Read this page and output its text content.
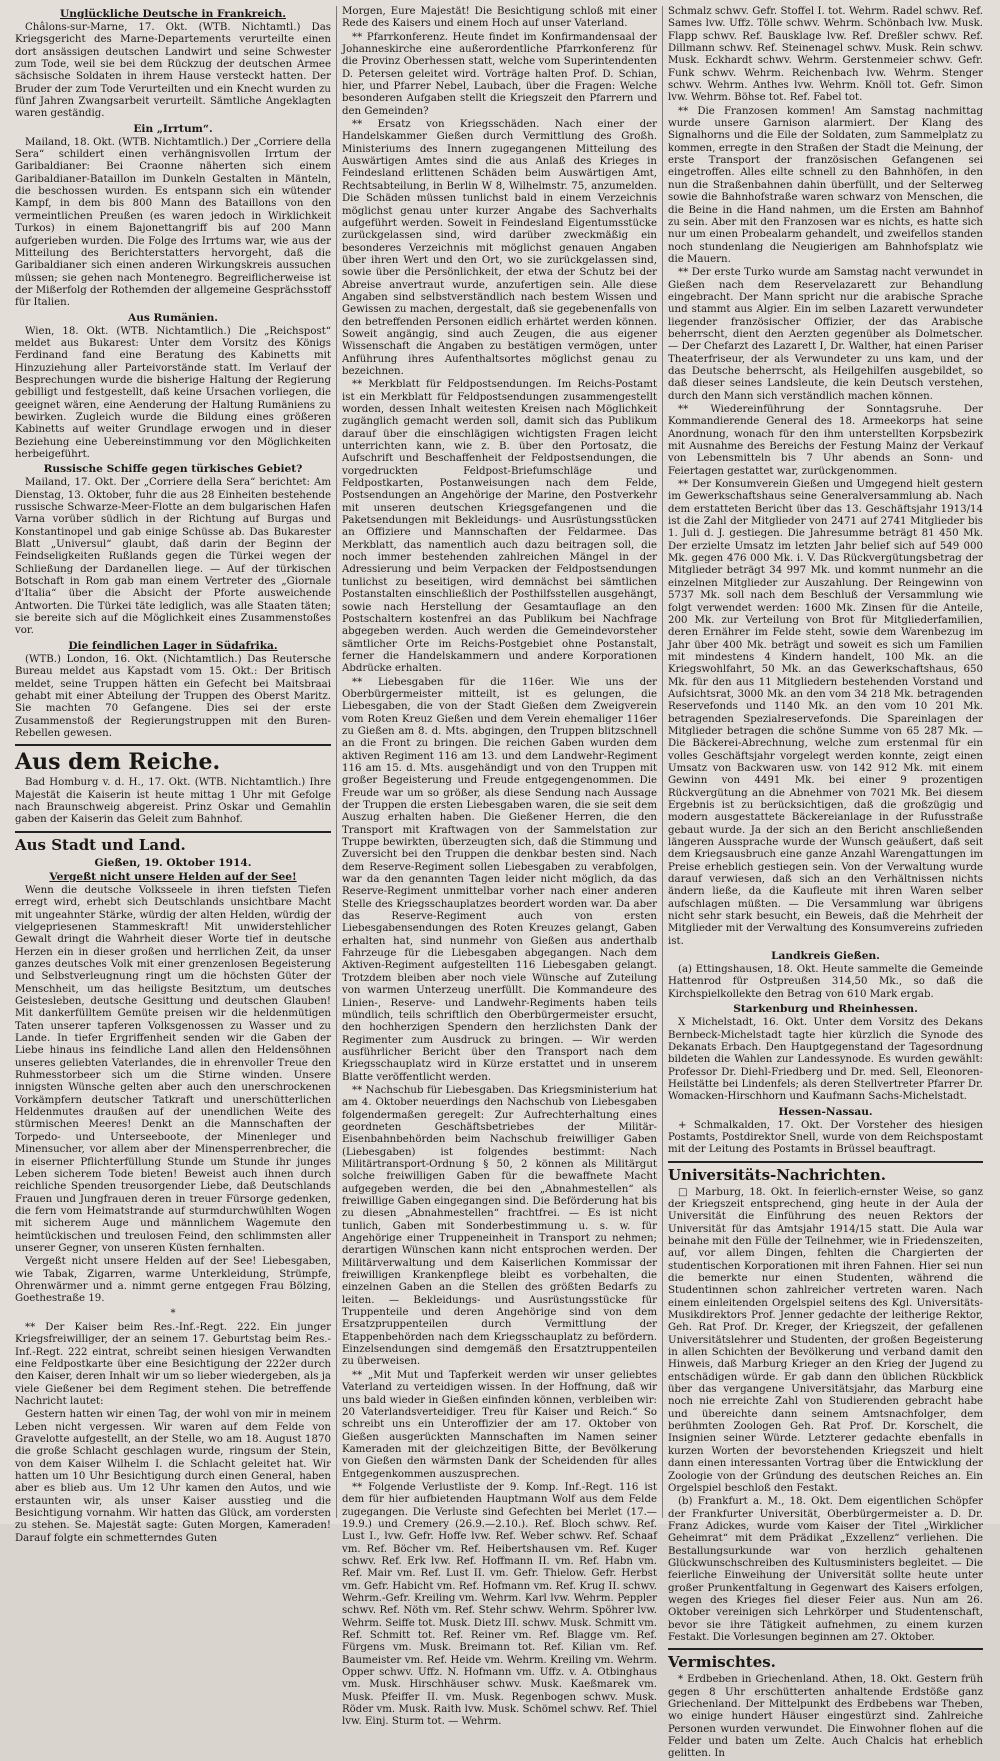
Unglückliche Deutsche in Frankreich.

Châlons-sur-Marne, 17. Okt. (WTB. Nichtamtl.) Das Kriegsgericht des Marne-Departements verurteilte einen dort ansässigen deutschen Landwirt und seine Schwester zum Tode, weil sie bei dem Rückzug der deutschen Armee sächsische Soldaten in ihrem Hause versteckt hatten. Der Bruder der zum Tode Verurteilten und ein Knecht wurden zu fünf Jahren Zwangsarbeit verurteilt. Sämtliche Angeklagten waren geständig.

Ein „Irrtum“.

Mailand, 18. Okt. (WTB. Nichtamtlich.) Der „Corriere della Sera“ schildert einen verhängnisvollen Irrtum der Garibaldianer: Bei Craonne näherten sich einem Garibaldianer-Bataillon im Dunkeln Gestalten in Mänteln, die beschossen wurden. Es entspann sich ein wütender Kampf, in dem bis 800 Mann des Bataillons von den vermeintlichen Preußen (es waren jedoch in Wirklichkeit Turkos) in einem Bajonettangriff bis auf 200 Mann aufgerieben wurden. Die Folge des Irrtums war, wie aus der Mitteilung des Berichterstatters hervorgeht, daß die Garibaldianer sich einen anderen Wirkungskreis aussuchen müssen; sie gehen nach Montenegro. Begreiflicherweise ist der Mißerfolg der Rothemden der allgemeine Gesprächsstoff für Italien.

Aus Rumänien.

Wien, 18. Okt. (WTB. Nichtamtlich.) Die „Reichspost“ meldet aus Bukarest: Unter dem Vorsitz des Königs Ferdinand fand eine Beratung des Kabinetts mit Hinzuziehung aller Parteivorstände statt. Im Verlauf der Besprechungen wurde die bisherige Haltung der Regierung gebilligt und festgestellt, daß keine Ursachen vorliegen, die geeignet wären, eine Aenderung der Haltung Rumäniens zu bewirken. Zugleich wurde die Bildung eines größeren Kabinetts auf weiter Grundlage erwogen und in dieser Beziehung eine Uebereinstimmung vor den Möglichkeiten herbeigeführt.

Russische Schiffe gegen türkisches Gebiet?

Mailand, 17. Okt. Der „Corriere della Sera“ berichtet: Am Dienstag, 13. Oktober, fuhr die aus 28 Einheiten bestehende russische Schwarze-Meer-Flotte an dem bulgarischen Hafen Varna vorüber südlich in der Richtung auf Burgas und Konstantinopel und gab einige Schüsse ab. Das Bukarester Blatt „Universul“ glaubt, daß darin der Beginn der Feindseligkeiten Rußlands gegen die Türkei wegen der Schließung der Dardanellen liege. — Auf der türkischen Botschaft in Rom gab man einem Vertreter des „Giornale d'Italia“ über die Absicht der Pforte ausweichende Antworten. Die Türkei täte lediglich, was alle Staaten täten; sie bereite sich auf die Möglichkeit eines Zusammenstoßes vor.

Die feindlichen Lager in Südafrika.

(WTB.) London, 16. Okt. (Nichtamtlich.) Das Reutersche Bureau meldet aus Kapstadt vom 15. Okt.: Der Britisch meldet, seine Truppen hätten ein Gefecht bei Maitsbraai gehabt mit einer Abteilung der Truppen des Oberst Maritz. Sie machten 70 Gefangene. Dies sei der erste Zusammenstoß der Regierungstruppen mit den Buren-Rebellen gewesen.

Aus dem Reiche.

Bad Homburg v. d. H., 17. Okt. (WTB. Nichtamtlich.) Ihre Majestät die Kaiserin ist heute mittag 1 Uhr mit Gefolge nach Braunschweig abgereist. Prinz Oskar und Gemahlin gaben der Kaiserin das Geleit zum Bahnhof.

Aus Stadt und Land.
Gießen, 19. Oktober 1914.
Vergeßt nicht unsere Helden auf der See!

Wenn die deutsche Volksseele in ihren tiefsten Tiefen erregt wird, erhebt sich Deutschlands unsichtbare Macht mit ungeahnter Stärke, würdig der alten Helden, würdig der vielgepriesenen Stammeskraft! Mit unwiderstehlicher Gewalt dringt die Wahrheit dieser Worte tief in deutsche Herzen ein in dieser großen und herrlichen Zeit, da unser ganzes deutsches Volk mit einer grenzenlosen Begeisterung und Selbstverleugnung ringt um die höchsten Güter der Menschheit, um das heiligste Besitztum, um deutsches Geistesleben, deutsche Gesittung und deutschen Glauben! Mit dankerfülltem Gemüte preisen wir die heldenmütigen Taten unserer tapferen Volksgenossen zu Wasser und zu Lande. In tiefer Ergriffenheit senden wir die Gaben der Liebe hinaus ins feindliche Land allen den Heldensöhnen unseres geliebten Vaterlandes, die in ehrenvoller Treue den Ruhmesstorbeer sich um die Stirne winden. Unsere innigsten Wünsche gelten aber auch den unerschrockenen Vorkämpfern deutscher Tatkraft und unerschütterlichen Heldenmutes draußen auf der unendlichen Weite des stürmischen Meeres! Denkt an die Mannschaften der Torpedo- und Unterseeboote, der Minenleger und Minensucher, vor allem aber der Minensperrenbrecher, die in eiserner Pflichterfüllung Stunde um Stunde ihr junges Leben sicherem Tode bieten! Beweist auch ihnen durch reichliche Spenden treusorgender Liebe, daß Deutschlands Frauen und Jungfrauen deren in treuer Fürsorge gedenken, die fern vom Heimatstrande auf sturmdurchwühlten Wogen mit sicherem Auge und männlichem Wagemute den heimtückischen und treulosen Feind, den schlimmsten aller unserer Gegner, von unseren Küsten fernhalten.

Vergeßt nicht unsere Helden auf der See! Liebesgaben, wie Tabak, Zigarren, warme Unterkleidung, Strümpfe, Ohrenwärmer und a. nimmt gerne entgegen Frau Bölzing, Goethestraße 19.

*

** Der Kaiser beim Res.-Inf.-Regt. 222. Ein junger Kriegsfreiwilliger, der an seinem 17. Geburtstag beim Res.-Inf.-Regt. 222 eintrat, schreibt seinen hiesigen Verwandten eine Feldpostkarte über eine Besichtigung der 222er durch den Kaiser, deren Inhalt wir um so lieber wiedergeben, als ja viele Gießener bei dem Regiment stehen. Die betreffende Nachricht lautet:

Gestern hatten wir einen Tag, der wohl von mir in meinem Leben nicht vergessen. Wir waren auf dem Felde von Gravelotte aufgestellt, an der Stelle, wo am 18. August 1870 die große Schlacht geschlagen wurde, ringsum der Stein, von dem Kaiser Wilhelm I. die Schlacht geleitet hat. Wir hatten um 10 Uhr Besichtigung durch einen General, haben aber es blieb aus. Um 12 Uhr kamen den Autos, und wie erstaunten wir, als unser Kaiser ausstieg und die Besichtigung vornahm. Wir hatten das Glück, am vordersten zu stehen. Se. Majestät sagte: Guten Morgen, Kameraden! Darauf folgte ein schmetterndes Guten

Morgen, Eure Majestät! Die Besichtigung schloß mit einer Rede des Kaisers und einem Hoch auf unser Vaterland.

** Pfarrkonferenz. Heute findet im Konfirmandensaal der Johanneskirche eine außerordentliche Pfarrkonferenz für die Provinz Oberhessen statt, welche vom Superintendenten D. Petersen geleitet wird. Vorträge halten Prof. D. Schian, hier, und Pfarrer Nebel, Laubach, über die Fragen: Welche besonderen Aufgaben stellt die Kriegszeit den Pfarrern und den Gemeinden?

** Ersatz von Kriegsschäden. Nach einer der Handelskammer Gießen durch Vermittlung des Großh. Ministeriums des Innern zugegangenen Mitteilung des Auswärtigen Amtes sind die aus Anlaß des Krieges in Feindesland erlittenen Schäden beim Auswärtigen Amt, Rechtsabteilung, in Berlin W 8, Wilhelmstr. 75, anzumelden. Die Schäden müssen tunlichst bald in einem Verzeichnis möglichst genau unter kurzer Angabe des Sachverhalts aufgeführt werden. Soweit in Feindesland Eigentumsstücke zurückgelassen sind, wird darüber zweckmäßig ein besonderes Verzeichnis mit möglichst genauen Angaben über ihren Wert und den Ort, wo sie zurückgelassen sind, sowie über die Persönlichkeit, der etwa der Schutz bei der Abreise anvertraut wurde, anzufertigen sein. Alle diese Angaben sind selbstverständlich nach bestem Wissen und Gewissen zu machen, dergestalt, daß sie gegebenenfalls von den betreffenden Personen eidlich erhärtet werden können. Soweit angängig, sind auch Zeugen, die aus eigener Wissenschaft die Angaben zu bestätigen vermögen, unter Anführung ihres Aufenthaltsortes möglichst genau zu bezeichnen.

** Merkblatt für Feldpostsendungen. Im Reichs-Postamt ist ein Merkblatt für Feldpostsendungen zusammengestellt worden, dessen Inhalt weitesten Kreisen nach Möglichkeit zugänglich gemacht werden soll, damit sich das Publikum darauf über die einschlägigen wichtigsten Fragen leicht unterrichten kann, wie z. B. über den Portosatz, die Aufschrift und Beschaffenheit der Feldpostsendungen, die vorgedruckten Feldpost-Briefumschläge und Feldpostkarten, Postanweisungen nach dem Felde, Postsendungen an Angehörige der Marine, den Postverkehr mit unseren deutschen Kriegsgefangenen und die Paketsendungen mit Bekleidungs- und Ausrüstungsstücken an Offiziere und Mannschaften der Feldarmee. Das Merkblatt, das namentlich auch dazu beitragen soll, die noch immer bestehenden zahlreichen Mängel in der Adressierung und beim Verpacken der Feldpostsendungen tunlichst zu beseitigen, wird demnächst bei sämtlichen Postanstalten einschließlich der Posthilfsstellen ausgehängt, sowie nach Herstellung der Gesamtauflage an den Postschaltern kostenfrei an das Publikum bei Nachfrage abgegeben werden. Auch werden die Gemeindevorsteher sämtlicher Orte im Reichs-Postgebiet ohne Postanstalt, ferner die Handelskammern und andere Korporationen Abdrücke erhalten.

** Liebesgaben für die 116er. Wie uns der Oberbürgermeister mitteilt, ist es gelungen, die Liebesgaben, die von der Stadt Gießen dem Zweigverein vom Roten Kreuz Gießen und dem Verein ehemaliger 116er zu Gießen am 8. d. Mts. abgingen, den Truppen blitzschnell an die Front zu bringen. Die reichen Gaben wurden dem aktiven Regiment 116 am 13. und dem Landwehr-Regiment 116 am 15. d. Mts. ausgehändigt und von den Truppen mit großer Begeisterung und Freude entgegengenommen. Die Freude war um so größer, als diese Sendung nach Aussage der Truppen die ersten Liebesgaben waren, die sie seit dem Auszug erhalten haben. Die Gießener Herren, die den Transport mit Kraftwagen von der Sammelstation zur Truppe bewirkten, überzeugten sich, daß die Stimmung und Zuversicht bei den Truppen die denkbar besten sind. Nach dem Reserve-Regiment sollen Liebesgaben zu verabfolgen, war da den genannten Tagen leider nicht möglich, da das Reserve-Regiment unmittelbar vorher nach einer anderen Stelle des Kriegsschauplatzes beordert worden war. Da aber das Reserve-Regiment auch von ersten Liebesgabensendungen des Roten Kreuzes gelangt, Gaben erhalten hat, sind nunmehr von Gießen aus anderthalb Fahrzeuge für die Liebesgaben abgegangen. Nach dem Aktiven-Regiment aufgestellten 116 Liebesgaben gelangt. Trotzdem bleiben aber noch viele Wünsche auf Zuteilung von warmen Unterzeug unerfüllt. Die Kommandeure des Linien-, Reserve- und Landwehr-Regiments haben teils mündlich, teils schriftlich den Oberbürgermeister ersucht, den hochherzigen Spendern den herzlichsten Dank der Regimenter zum Ausdruck zu bringen. — Wir werden ausführlicher Bericht über den Transport nach dem Kriegsschauplatz wird in Kürze erstattet und in unserem Blatte veröffentlicht werden.

** Nachschub für Liebesgaben. Das Kriegsministerium hat am 4. Oktober neuerdings den Nachschub von Liebesgaben folgendermaßen geregelt: Zur Aufrechterhaltung eines geordneten Geschäftsbetriebes der Militär-Eisenbahnbehörden beim Nachschub freiwilliger Gaben (Liebesgaben) ist folgendes bestimmt: Nach Militärtransport-Ordnung § 50, 2 können als Militärgut solche freiwilligen Gaben für die bewaffnete Macht aufgegeben werden, die bei den „Abnahmestellen“ als freiwillige Gaben eingegangen sind. Die Beförderung hat bis zu diesen „Abnahmestellen“ frachtfrei. — Es ist nicht tunlich, Gaben mit Sonderbestimmung u. s. w. für Angehörige einer Truppeneinheit in Transport zu nehmen; derartigen Wünschen kann nicht entsprochen werden. Der Militärverwaltung und dem Kaiserlichen Kommissar der freiwilligen Krankenpflege bleibt es vorbehalten, die einzelnen Gaben an die Stellen des größten Bedarfs zu leiten. — Bekleidungs- und Ausrüstungsstücke für Truppenteile und deren Angehörige sind von dem Ersatzpruppenteilen durch Vermittlung der Etappenbehörden nach dem Kriegsschauplatz zu befördern. Einzelsendungen sind demgemäß den Ersatztruppenteilen zu überweisen.

** „Mit Mut und Tapferkeit werden wir unser geliebtes Vaterland zu verteidigen wissen. In der Hoffnung, daß wir uns bald wieder in Gießen einfinden können, verbleiben wir: 20 Vaterlandsverteidiger. Treu für Kaiser und Reich.“ So schreibt uns ein Unteroffizier der am 17. Oktober von Gießen ausgerückten Mannschaften im Namen seiner Kameraden mit der gleichzeitigen Bitte, der Bevölkerung von Gießen den wärmsten Dank der Scheidenden für alles Entgegenkommen auszusprechen.

** Folgende Verlustliste der 9. Komp. Inf.-Regt. 116 ist dem für hier aufbietenden Hauptmann Wolf aus dem Felde zugegangen. Die Verluste sind Gefechten bei Merlet (17.—19.9.) und Cremery (26.9.—2.10.). Ref. Bloch schwv. Ref. Lust I., lvw. Gefr. Hoffe lvw. Ref. Weber schwv. Ref. Schaaf vm. Ref. Böcher vm. Ref. Heibertshausen vm. Ref. Kuger schwv. Ref. Erk lvw. Ref. Hoffmann II. vm. Ref. Habn vm. Ref. Mair vm. Ref. Lust II. vm. Gefr. Thielow. Gefr. Herbst vm. Gefr. Habicht vm. Ref. Hofmann vm. Ref. Krug II. schwv. Wehrm.-Gefr. Kreiling vm. Wehrm. Karl lvw. Wehrm. Peppler schwv. Ref. Nöth vm. Ref. Stehr schwv. Wehrm. Spöhrer lvw. Wehrm. Seiffe tot. Musk. Dietz III. schwv. Musk. Schmitt vm. Ref. Schmitt tot. Ref. Reiner vm. Ref. Blagge vm. Ref. Fürgens vm. Musk. Breimann tot. Ref. Kilian vm. Ref. Baumeister vm. Ref. Heide vm. Wehrm. Kreiling vm. Wehrm. Opper schwv. Uffz. N. Hofmann vm. Uffz. v. A. Otbinghaus vm. Musk. Hirschhäuser schwv. Musk. Kaeßmarek vm. Musk. Pfeiffer II. vm. Musk. Regenbogen schwv. Musk. Röder vm. Musk. Raith lvw. Musk. Schömel schwv. Ref. Thiel lvw. Einj. Sturm tot. — Wehrm.

Schmalz schwv. Gefr. Stoffel I. tot. Wehrm. Radel schwv. Ref. Sames lvw. Uffz. Tölle schwv. Wehrm. Schönbach lvw. Musk. Flapp schwv. Ref. Bausklage lvw. Ref. Dreßler schwv. Ref. Dillmann schwv. Ref. Steinenagel schwv. Musk. Rein schwv. Musk. Eckhardt schwv. Wehrm. Gerstenmeier schwv. Gefr. Funk schwv. Wehrm. Reichenbach lvw. Wehrm. Stenger schwv. Wehrm. Anthes lvw. Wehrm. Knöll tot. Gefr. Simon lvw. Wehrm. Böhse tot. Ref. Fabel tot.

** Die Franzosen kommen! Am Samstag nachmittag wurde unsere Garnison alarmiert. Der Klang des Signalhorns und die Eile der Soldaten, zum Sammelplatz zu kommen, erregte in den Straßen der Stadt die Meinung, der erste Transport der französischen Gefangenen sei eingetroffen. Alles eilte schnell zu den Bahnhöfen, in den nun die Straßenbahnen dahin überfüllt, und der Selterweg sowie die Bahnhofstraße waren schwarz von Menschen, die die Beine in die Hand nahmen, um die Ersten am Bahnhof zu sein. Aber mit den Franzosen war es nichts, es hatte sich nur um einen Probealarm gehandelt, und zweifellos standen noch stundenlang die Neugierigen am Bahnhofsplatz wie die Mauern.

** Der erste Turko wurde am Samstag nacht verwundet in Gießen nach dem Reservelazarett zur Behandlung eingebracht. Der Mann spricht nur die arabische Sprache und stammt aus Algier. Ein im selben Lazarett verwundeter liegender französischer Offizier, der das Arabische beherrscht, dient den Aerzten gegenüber als Dolmetscher. — Der Chefarzt des Lazarett I, Dr. Walther, hat einen Pariser Theaterfriseur, der als Verwundeter zu uns kam, und der das Deutsche beherrscht, als Heilgehilfen ausgebildet, so daß dieser seines Landsleute, die kein Deutsch verstehen, durch den Mann sich verständlich machen können.

** Wiedereinführung der Sonntagsruhe. Der Kommandierende General des 18. Armeekorps hat seine Anordnung, wonach für den ihm unterstellten Korpsbezirk mit Ausnahme des Bereichs der Festung Mainz der Verkauf von Lebensmitteln bis 7 Uhr abends an Sonn- und Feiertagen gestattet war, zurückgenommen.

** Der Konsumverein Gießen und Umgegend hielt gestern im Gewerkschaftshaus seine Generalversammlung ab. Nach dem erstatteten Bericht über das 13. Geschäftsjahr 1913/14 ist die Zahl der Mitglieder von 2471 auf 2741 Mitglieder bis 1. Juli d. J. gestiegen. Die Jahresumme beträgt 81 450 Mk. Der erzielte Umsatz im letzten Jahr belief sich auf 549 000 Mk. gegen 476 000 Mk. i. V. Das Rückvergütungsbetrag der Mitglieder beträgt 34 997 Mk. und kommt nunmehr an die einzelnen Mitglieder zur Auszahlung. Der Reingewinn von 5737 Mk. soll nach dem Beschluß der Versammlung wie folgt verwendet werden: 1600 Mk. Zinsen für die Anteile, 200 Mk. zur Verteilung von Brot für Mitgliederfamilien, deren Ernährer im Felde steht, sowie dem Warenbezug im Jahr über 400 Mk. beträgt und soweit es sich um Familien mit mindestens 4 Kindern handelt, 100 Mk. an die Kriegswohlfahrt, 50 Mk. an das Gewerkschaftshaus, 650 Mk. für den aus 11 Mitgliedern bestehenden Vorstand und Aufsichtsrat, 3000 Mk. an den vom 34 218 Mk. betragenden Reservefonds und 1140 Mk. an den vom 10 201 Mk. betragenden Spezialreservefonds. Die Spareinlagen der Mitglieder betragen die schöne Summe von 65 287 Mk. — Die Bäckerei-Abrechnung, welche zum erstenmal für ein volles Geschäftsjahr vorgelegt werden konnte, zeigt einen Umsatz von Backwaren usw. von 142 912 Mk. mit einem Gewinn von 4491 Mk. bei einer 9 prozentigen Rückvergütung an die Abnehmer von 7021 Mk. Bei diesem Ergebnis ist zu berücksichtigen, daß die großzügig und modern ausgestattete Bäckereianlage in der Rufusstraße gebaut wurde. Ja der sich an den Bericht anschließenden längeren Aussprache wurde der Wunsch geäußert, daß seit dem Kriegsausbruch eine ganze Anzahl Warengattungen im Preise erheblich gestiegen sein. Von der Verwaltung wurde darauf verwiesen, daß sich an den Verhältnissen nichts ändern ließe, da die Kaufleute mit ihren Waren selber aufschlagen müßten. — Die Versammlung war übrigens nicht sehr stark besucht, ein Beweis, daß die Mehrheit der Mitglieder mit der Verwaltung des Konsumvereins zufrieden ist.

Landkreis Gießen.

(a) Ettingshausen, 18. Okt. Heute sammelte die Gemeinde Hattenrod für Ostpreußen 314,50 Mk., so daß die Kirchspielkollekte den Betrag von 610 Mark ergab.

Starkenburg und Rheinhessen.

X Michelstadt, 16. Okt. Unter dem Vorsitz des Dekans Bernbeck-Michelstadt tagte hier kürzlich die Synode des Dekanats Erbach. Den Hauptgegenstand der Tagesordnung bildeten die Wahlen zur Landessynode. Es wurden gewählt: Professor Dr. Diehl-Friedberg und Dr. med. Sell, Eleonoren-Heilstätte bei Lindenfels; als deren Stellvertreter Pfarrer Dr. Womacken-Hirschhorn und Kaufmann Sachs-Michelstadt.

Hessen-Nassau.

+ Schmalkalden, 17. Okt. Der Vorsteher des hiesigen Postamts, Postdirektor Snell, wurde von dem Reichspostamt mit der Leitung des Postamts in Brüssel beauftragt.

Universitäts-Nachrichten.

□ Marburg, 18. Okt. In feierlich-ernster Weise, so ganz der Kriegszeit entsprechend, ging heute in der Aula der Universität die Einführung des neuen Rektors der Universität für das Amtsjahr 1914/15 statt. Die Aula war beinahe mit den Fülle der Teilnehmer, wie in Friedenszeiten, auf, vor allem Dingen, fehlten die Chargierten der studentischen Korporationen mit ihren Fahnen. Hier sei nun die bemerkte nur einen Studenten, während die Studentinnen schon zahlreicher vertreten waren. Nach einem einleitenden Orgelspiel seitens des Kgl. Universitäts-Musikdirektors Prof. Jenner gedachte der leitherige Rektor, Geh. Rat Prof. Dr. Kreger, der Kriegszeit, der gefallenen Universitätslehrer und Studenten, der großen Begeisterung in allen Schichten der Bevölkerung und verband damit den Hinweis, daß Marburg Krieger an den Krieg der Jugend zu entschädigen würde. Er gab dann den üblichen Rückblick über das vergangene Universitätsjahr, das Marburg eine noch nie erreichte Zahl von Studierenden gebracht habe und übereichte dann seinem Amtsnachfolger, dem berühmten Zoologen Geh. Rat Prof. Dr. Korschelt, die Insignien seiner Würde. Letzterer gedachte ebenfalls in kurzen Worten der bevorstehenden Kriegszeit und hielt dann einen interessanten Vortrag über die Entwicklung der Zoologie von der Gründung des deutschen Reiches an. Ein Orgelspiel beschloß den Festakt.

(b) Frankfurt a. M., 18. Okt. Dem eigentlichen Schöpfer der Frankfurter Universität, Oberbürgermeister a. D. Dr. Franz Adickes, wurde vom Kaiser der Titel „Wirklicher Geheimrat“ mit dem Prädikat „Exzellenz“ verliehen. Die Bestallungsurkunde war von herzlich gehaltenen Glückwunschschreiben des Kultusministers begleitet. — Die feierliche Einweihung der Universität sollte heute unter großer Prunkentfaltung in Gegenwart des Kaisers erfolgen, wegen des Krieges fiel dieser Feier aus. Nun am 26. Oktober vereinigen sich Lehrkörper und Studentenschaft, bevor sie ihre Tätigkeit aufnehmen, zu einem kurzen Festakt. Die Vorlesungen beginnen am 27. Oktober.

Vermischtes.

* Erdbeben in Griechenland. Athen, 18. Okt. Gestern früh gegen 8 Uhr erschütterten anhaltende Erdstöße ganz Griechenland. Der Mittelpunkt des Erdbebens war Theben, wo einige hundert Häuser eingestürzt sind. Zahlreiche Personen wurden verwundet. Die Einwohner flohen auf die Felder und baten um Zelte. Auch Chalcis hat erheblich gelitten. In
